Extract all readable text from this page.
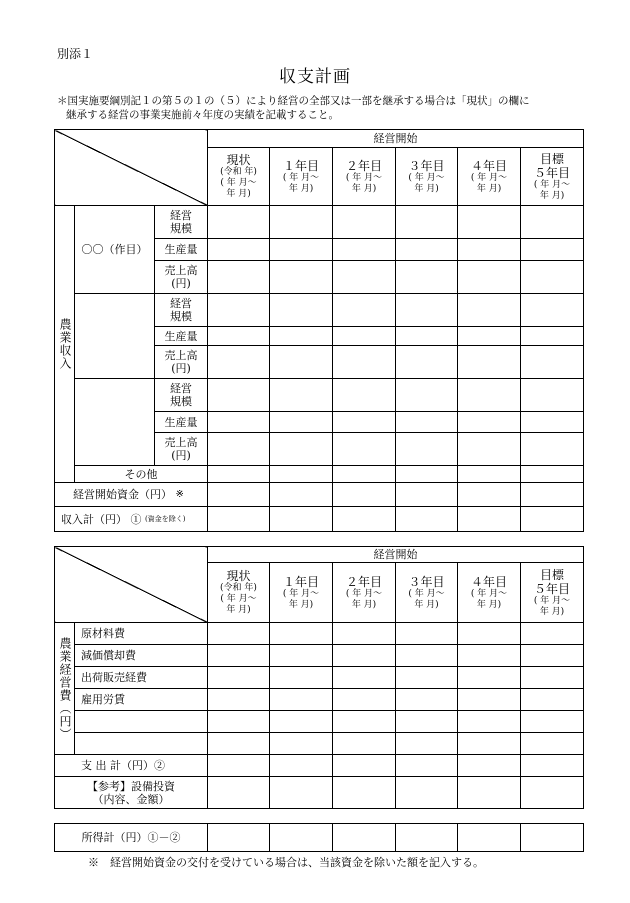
別添１
収支計画
＊国実施要綱別記１の第５の１の（５）により経営の全部又は一部を継承する場合は「現状」の欄に
継承する経営の事業実施前々年度の実績を記載すること。
			経営開始					

			現状
(令和 年)
( 年 月～
年 月)	１年目
( 年 月～
年 月)	２年目
( 年 月～
年 月)	３年目
( 年 月～
年 月)	４年目
( 年 月～
年 月)	目標
５年目
( 年 月～
年 月)

農業収入	〇〇（作目）	経営
規模						
		生産量						
		売上高
(円)						
		経営
規模						
		生産量						
		売上高
(円)						
		経営
規模						
		生産量						
		売上高
(円)						
	その他							
経営開始資金（円） ※								
収入計（円） ① $^{(資金を除く)}$						
		経営開始					

		現状
(令和 年)
( 年 月～
年 月)	１年目
( 年 月～
年 月)	２年目
( 年 月～
年 月)	３年目
( 年 月～
年 月)	４年目
( 年 月～
年 月)	目標
５年目
( 年 月～
年 月)

農業経営費（円）	原材料費						
	減価償却費						
	出荷販売経費						
	雇用労賃						

支 出 計（円）②							
【参考】設備投資
（内容、金額）							
所得計（円）①－②						
※　経営開始資金の交付を受けている場合は、当該資金を除いた額を記入する。
